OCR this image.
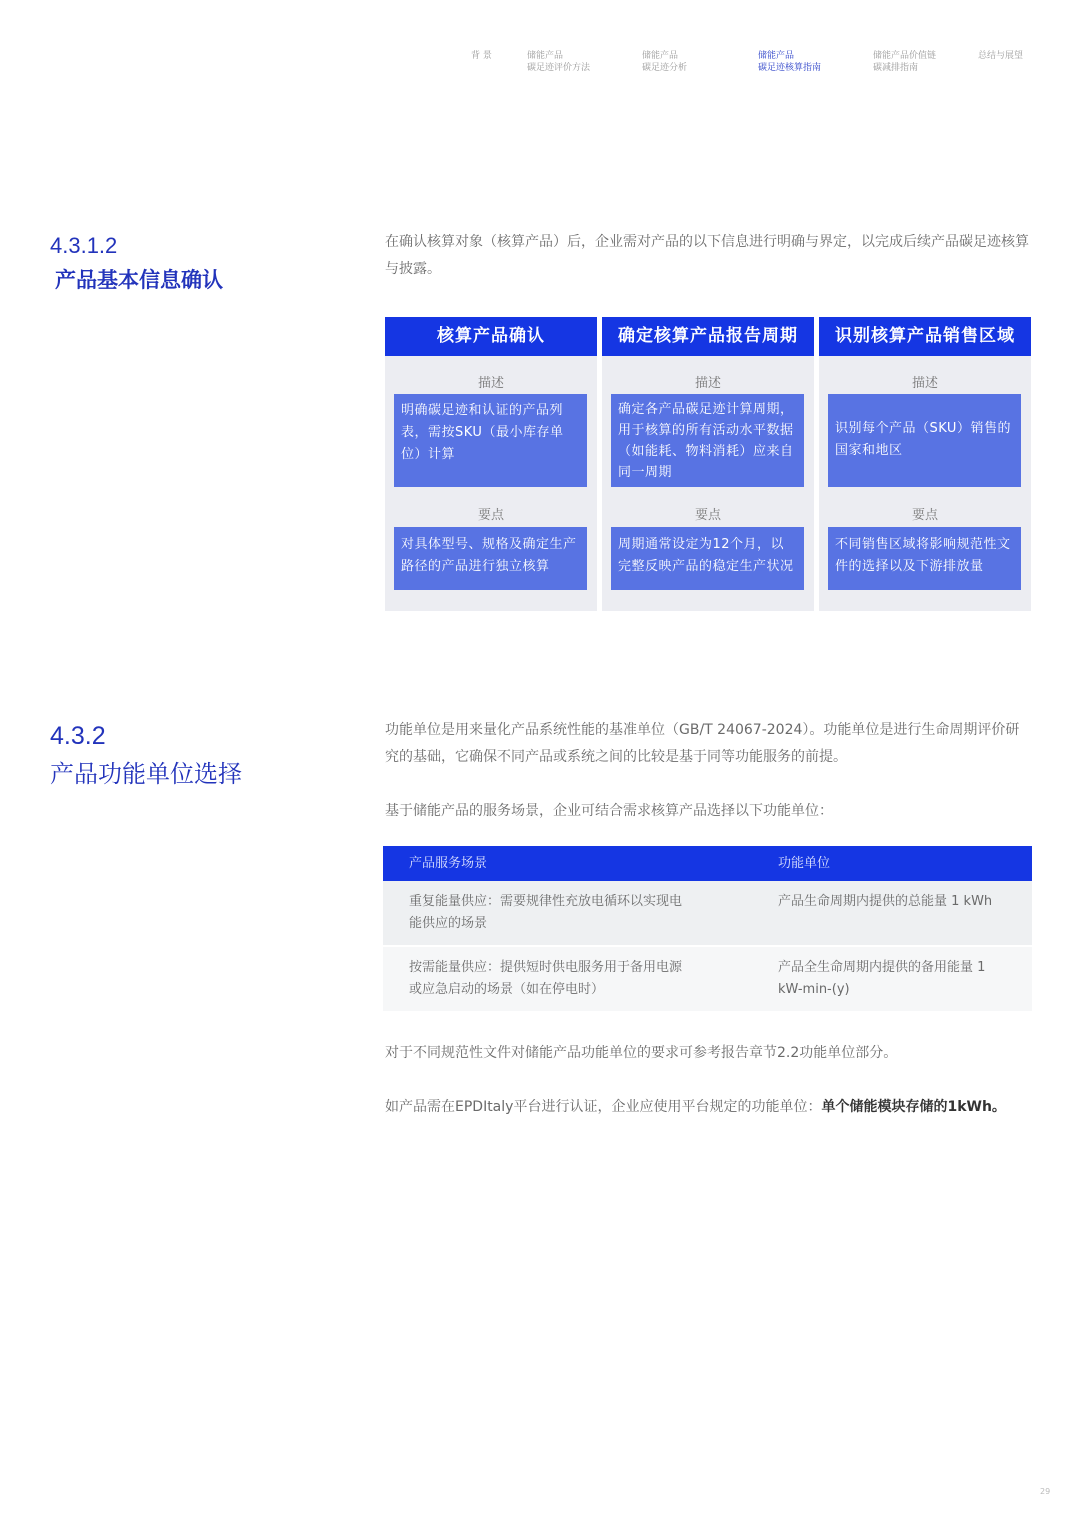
背 景	储能产品
碳足迹评价方法
储能产品
碳足迹分析
储能产品
碳足迹核算指南
储能产品价值链
碳减排指南
总结与展望
4.3.1.2
产品基本信息确认
在确认核算对象（核算产品）后，企业需对产品的以下信息进行明确与界定，以完成后续产品碳足迹核算与披露。
核算产品确认
描述
明确碳足迹和认证的产品列表，需按SKU（最小库存单位）计算
要点
对具体型号、规格及确定生产路径的产品进行独立核算
确定核算产品报告周期
描述
确定各产品碳足迹计算周期，用于核算的所有活动水平数据（如能耗、物料消耗）应来自同一周期
要点
周期通常设定为12个月，以完整反映产品的稳定生产状况
识别核算产品销售区域
描述
识别每个产品（SKU）销售的国家和地区
要点
不同销售区域将影响规范性文件的选择以及下游排放量
4.3.2
产品功能单位选择
功能单位是用来量化产品系统性能的基准单位（GB/T 24067-2024）。功能单位是进行生命周期评价研究的基础，它确保不同产品或系统之间的比较是基于同等功能服务的前提。
基于储能产品的服务场景，企业可结合需求核算产品选择以下功能单位：
产品服务场景	功能单位
重复能量供应：需要规律性充放电循环以实现电能供应的场景
产品生命周期内提供的总能量 1 kWh
按需能量供应：提供短时供电服务用于备用电源或应急启动的场景（如在停电时）
产品全生命周期内提供的备用能量 1 kW-min-(y)
对于不同规范性文件对储能产品功能单位的要求可参考报告章节2.2功能单位部分。
如产品需在EPDItaly平台进行认证，企业应使用平台规定的功能单位：单个储能模块存储的1kWh。
29
